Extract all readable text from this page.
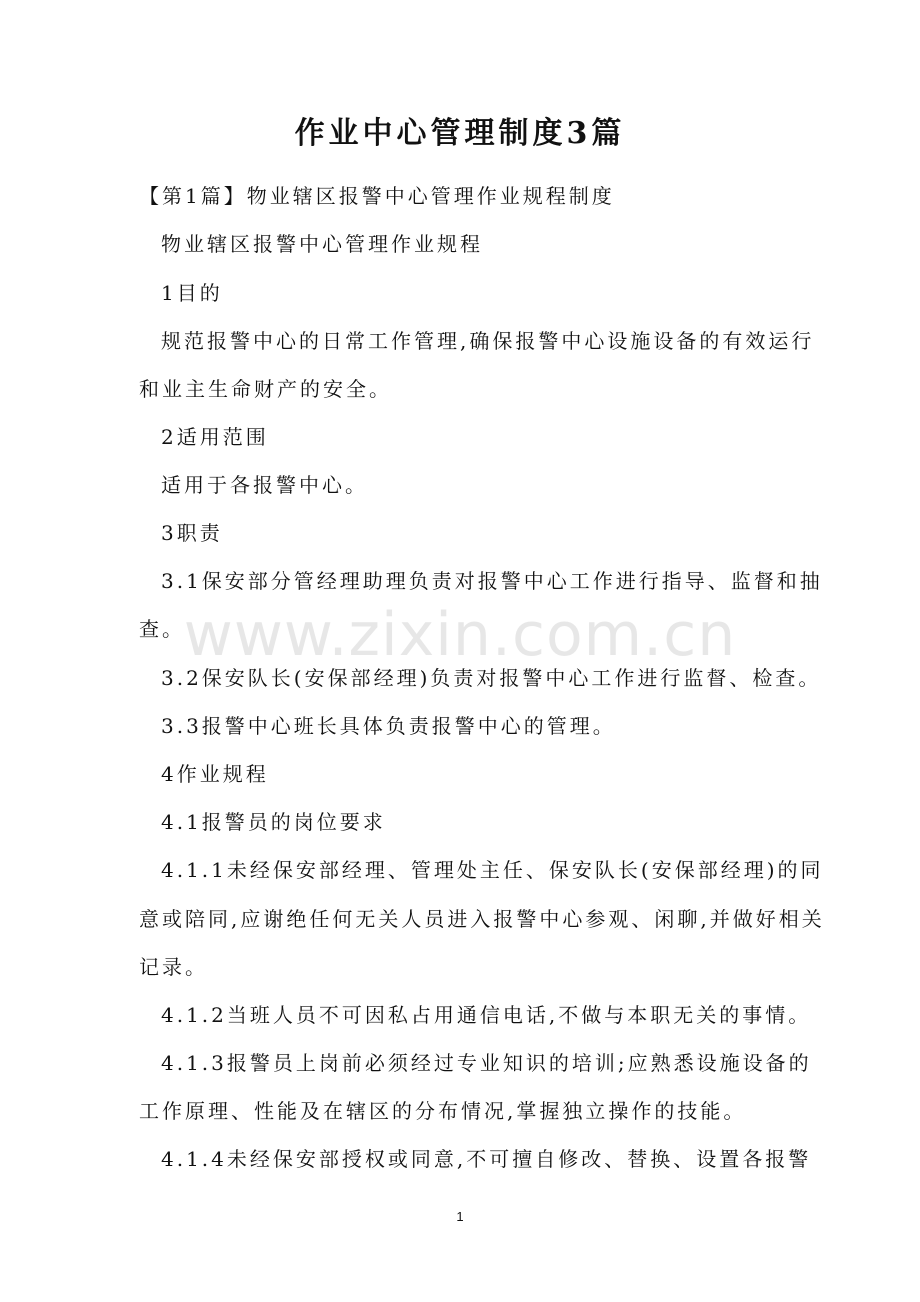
作业中心管理制度3篇
【第1篇】物业辖区报警中心管理作业规程制度
物业辖区报警中心管理作业规程
1目的
规范报警中心的日常工作管理,确保报警中心设施设备的有效运行
和业主生命财产的安全。
2适用范围
适用于各报警中心。
3职责
3.1保安部分管经理助理负责对报警中心工作进行指导、监督和抽
查。
3.2保安队长(安保部经理)负责对报警中心工作进行监督、检查。
3.3报警中心班长具体负责报警中心的管理。
4作业规程
4.1报警员的岗位要求
4.1.1未经保安部经理、管理处主任、保安队长(安保部经理)的同
意或陪同,应谢绝任何无关人员进入报警中心参观、闲聊,并做好相关
记录。
4.1.2当班人员不可因私占用通信电话,不做与本职无关的事情。
4.1.3报警员上岗前必须经过专业知识的培训;应熟悉设施设备的
工作原理、性能及在辖区的分布情况,掌握独立操作的技能。
4.1.4未经保安部授权或同意,不可擅自修改、替换、设置各报警
www.zixin.com.cn
1
